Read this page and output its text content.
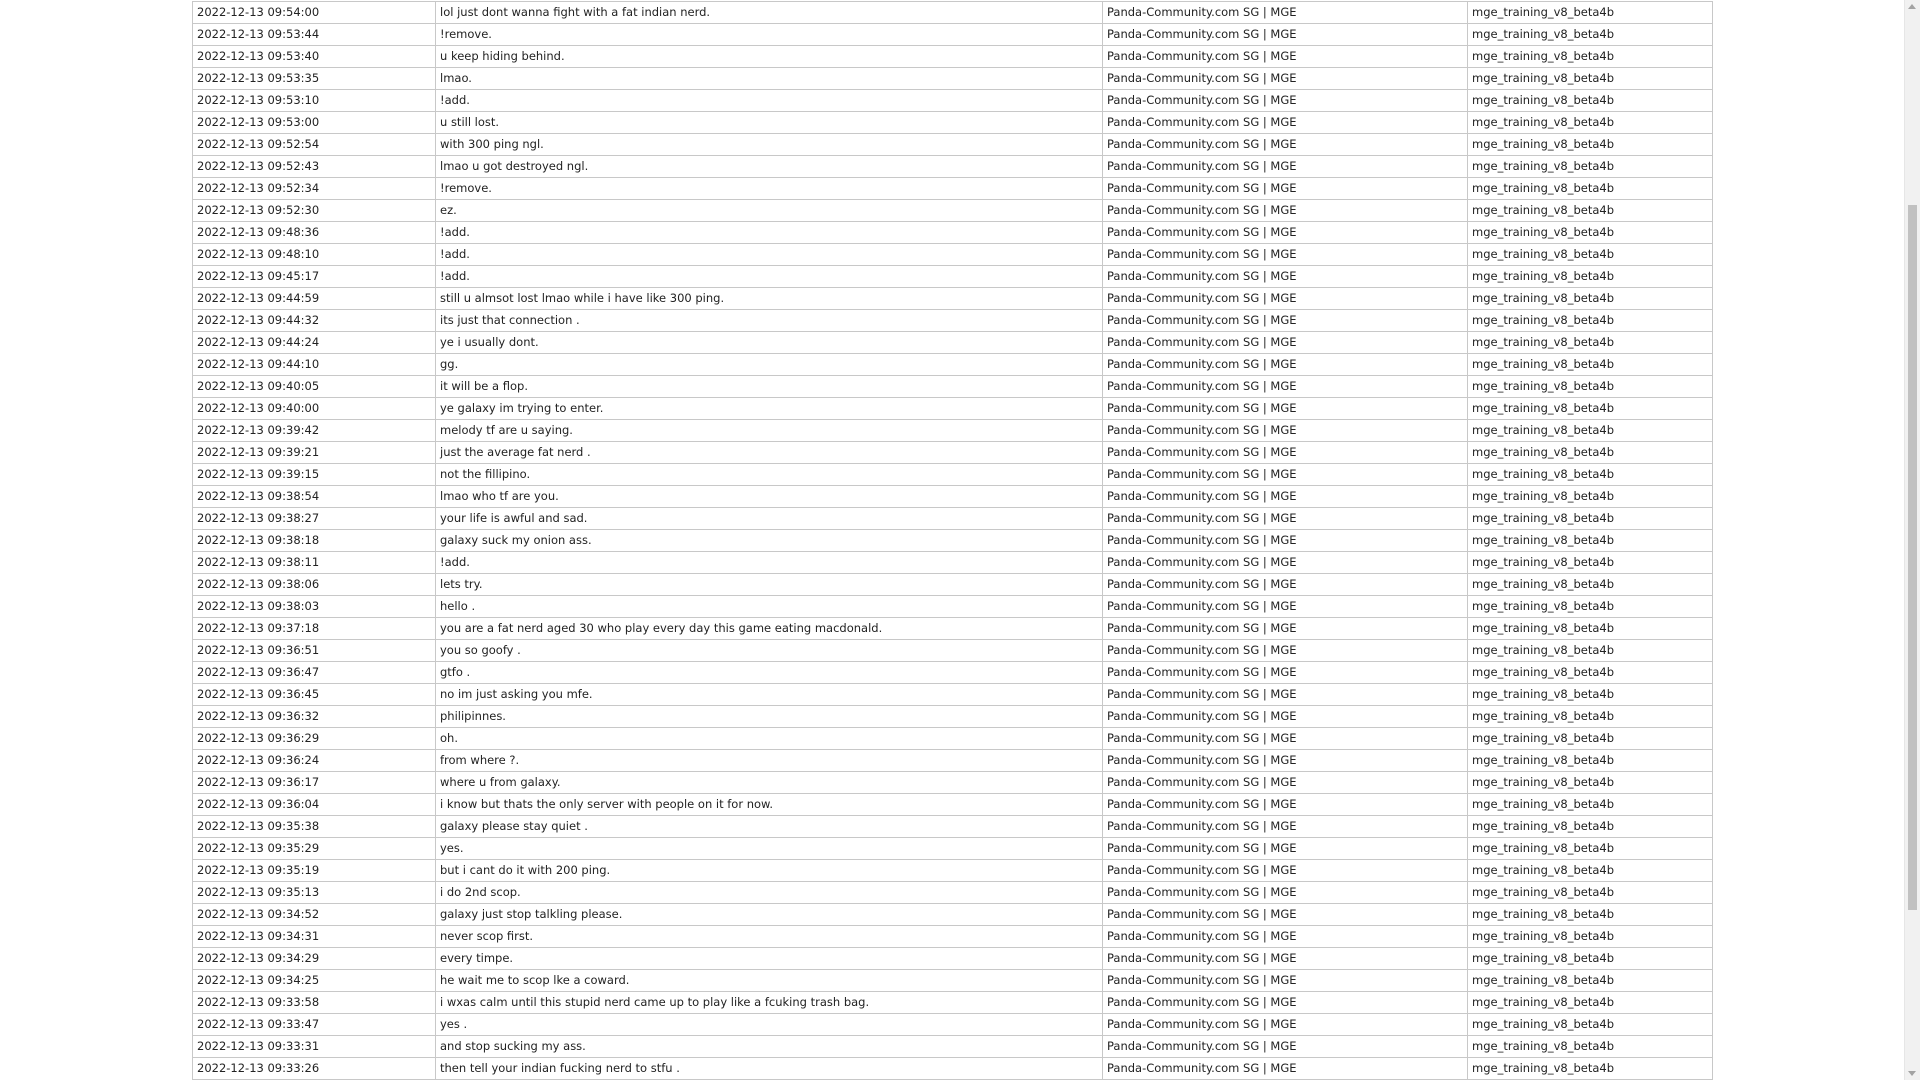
2022-12-13 09:54:00	lol just dont wanna fight with a fat indian nerd.	Panda-Community.com SG | MGE	mge_training_v8_beta4b
2022-12-13 09:53:44	!remove.	Panda-Community.com SG | MGE	mge_training_v8_beta4b
2022-12-13 09:53:40	u keep hiding behind.	Panda-Community.com SG | MGE	mge_training_v8_beta4b
2022-12-13 09:53:35	lmao.	Panda-Community.com SG | MGE	mge_training_v8_beta4b
2022-12-13 09:53:10	!add.	Panda-Community.com SG | MGE	mge_training_v8_beta4b
2022-12-13 09:53:00	u still lost.	Panda-Community.com SG | MGE	mge_training_v8_beta4b
2022-12-13 09:52:54	with 300 ping ngl.	Panda-Community.com SG | MGE	mge_training_v8_beta4b
2022-12-13 09:52:43	lmao u got destroyed ngl.	Panda-Community.com SG | MGE	mge_training_v8_beta4b
2022-12-13 09:52:34	!remove.	Panda-Community.com SG | MGE	mge_training_v8_beta4b
2022-12-13 09:52:30	ez.	Panda-Community.com SG | MGE	mge_training_v8_beta4b
2022-12-13 09:48:36	!add.	Panda-Community.com SG | MGE	mge_training_v8_beta4b
2022-12-13 09:48:10	!add.	Panda-Community.com SG | MGE	mge_training_v8_beta4b
2022-12-13 09:45:17	!add.	Panda-Community.com SG | MGE	mge_training_v8_beta4b
2022-12-13 09:44:59	still u almsot lost lmao while i have like 300 ping.	Panda-Community.com SG | MGE	mge_training_v8_beta4b
2022-12-13 09:44:32	its just that connection .	Panda-Community.com SG | MGE	mge_training_v8_beta4b
2022-12-13 09:44:24	ye i usually dont.	Panda-Community.com SG | MGE	mge_training_v8_beta4b
2022-12-13 09:44:10	gg.	Panda-Community.com SG | MGE	mge_training_v8_beta4b
2022-12-13 09:40:05	it will be a flop.	Panda-Community.com SG | MGE	mge_training_v8_beta4b
2022-12-13 09:40:00	ye galaxy im trying to enter.	Panda-Community.com SG | MGE	mge_training_v8_beta4b
2022-12-13 09:39:42	melody tf are u saying.	Panda-Community.com SG | MGE	mge_training_v8_beta4b
2022-12-13 09:39:21	just the average fat nerd .	Panda-Community.com SG | MGE	mge_training_v8_beta4b
2022-12-13 09:39:15	not the fillipino.	Panda-Community.com SG | MGE	mge_training_v8_beta4b
2022-12-13 09:38:54	lmao who tf are you.	Panda-Community.com SG | MGE	mge_training_v8_beta4b
2022-12-13 09:38:27	your life is awful and sad.	Panda-Community.com SG | MGE	mge_training_v8_beta4b
2022-12-13 09:38:18	galaxy suck my onion ass.	Panda-Community.com SG | MGE	mge_training_v8_beta4b
2022-12-13 09:38:11	!add.	Panda-Community.com SG | MGE	mge_training_v8_beta4b
2022-12-13 09:38:06	lets try.	Panda-Community.com SG | MGE	mge_training_v8_beta4b
2022-12-13 09:38:03	hello .	Panda-Community.com SG | MGE	mge_training_v8_beta4b
2022-12-13 09:37:18	you are a fat nerd aged 30 who play every day this game eating macdonald.	Panda-Community.com SG | MGE	mge_training_v8_beta4b
2022-12-13 09:36:51	you so goofy .	Panda-Community.com SG | MGE	mge_training_v8_beta4b
2022-12-13 09:36:47	gtfo .	Panda-Community.com SG | MGE	mge_training_v8_beta4b
2022-12-13 09:36:45	no im just asking you mfe.	Panda-Community.com SG | MGE	mge_training_v8_beta4b
2022-12-13 09:36:32	philipinnes.	Panda-Community.com SG | MGE	mge_training_v8_beta4b
2022-12-13 09:36:29	oh.	Panda-Community.com SG | MGE	mge_training_v8_beta4b
2022-12-13 09:36:24	from where ?.	Panda-Community.com SG | MGE	mge_training_v8_beta4b
2022-12-13 09:36:17	where u from galaxy.	Panda-Community.com SG | MGE	mge_training_v8_beta4b
2022-12-13 09:36:04	i know but thats the only server with people on it for now.	Panda-Community.com SG | MGE	mge_training_v8_beta4b
2022-12-13 09:35:38	galaxy please stay quiet .	Panda-Community.com SG | MGE	mge_training_v8_beta4b
2022-12-13 09:35:29	yes.	Panda-Community.com SG | MGE	mge_training_v8_beta4b
2022-12-13 09:35:19	but i cant do it with 200 ping.	Panda-Community.com SG | MGE	mge_training_v8_beta4b
2022-12-13 09:35:13	i do 2nd scop.	Panda-Community.com SG | MGE	mge_training_v8_beta4b
2022-12-13 09:34:52	galaxy just stop talkling please.	Panda-Community.com SG | MGE	mge_training_v8_beta4b
2022-12-13 09:34:31	never scop first.	Panda-Community.com SG | MGE	mge_training_v8_beta4b
2022-12-13 09:34:29	every timpe.	Panda-Community.com SG | MGE	mge_training_v8_beta4b
2022-12-13 09:34:25	he wait me to scop lke a coward.	Panda-Community.com SG | MGE	mge_training_v8_beta4b
2022-12-13 09:33:58	i wxas calm until this stupid nerd came up to play like a fcuking trash bag.	Panda-Community.com SG | MGE	mge_training_v8_beta4b
2022-12-13 09:33:47	yes .	Panda-Community.com SG | MGE	mge_training_v8_beta4b
2022-12-13 09:33:31	and stop sucking my ass.	Panda-Community.com SG | MGE	mge_training_v8_beta4b
2022-12-13 09:33:26	then tell your indian fucking nerd to stfu .	Panda-Community.com SG | MGE	mge_training_v8_beta4b
